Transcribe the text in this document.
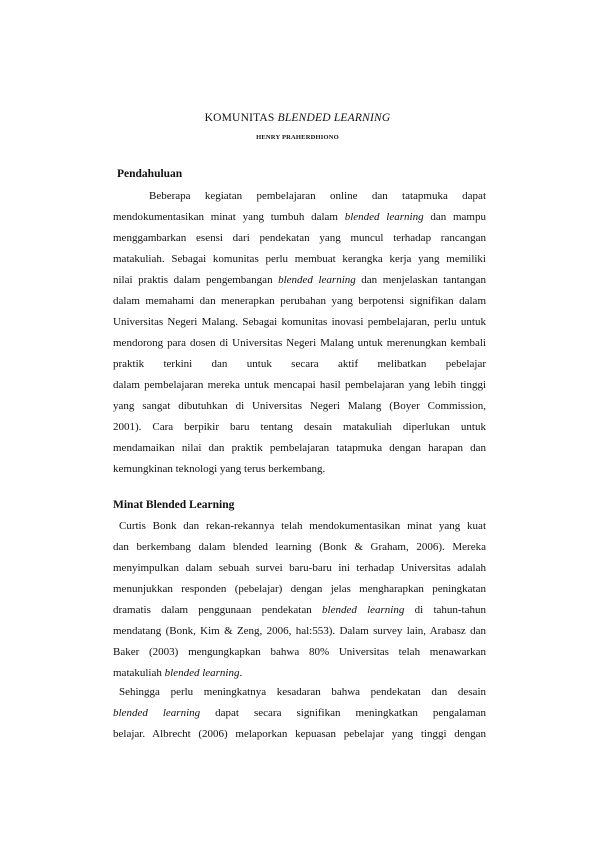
KOMUNITAS BLENDED LEARNING
HENRY PRAHERDHIONO
Pendahuluan
Beberapa kegiatan pembelajaran online dan tatapmuka dapat
mendokumentasikan minat yang tumbuh dalam blended learning dan mampu
menggambarkan esensi dari pendekatan yang muncul terhadap rancangan
matakuliah. Sebagai komunitas perlu membuat kerangka kerja yang memiliki
nilai praktis dalam pengembangan blended learning dan menjelaskan tantangan
dalam memahami dan menerapkan perubahan yang berpotensi signifikan dalam
Universitas Negeri Malang. Sebagai komunitas inovasi pembelajaran, perlu untuk
mendorong para dosen di Universitas Negeri Malang untuk merenungkan kembali
praktik terkini dan untuk secara aktif melibatkan pebelajar
dalam pembelajaran mereka untuk mencapai hasil pembelajaran yang lebih tinggi
yang sangat dibutuhkan di Universitas Negeri Malang (Boyer Commission,
2001). Cara berpikir baru tentang desain matakuliah diperlukan untuk
mendamaikan nilai dan praktik pembelajaran tatapmuka dengan harapan dan
kemungkinan teknologi yang terus berkembang.
Minat Blended Learning
Curtis Bonk dan rekan-rekannya telah mendokumentasikan minat yang kuat
dan berkembang dalam blended learning (Bonk & Graham, 2006). Mereka
menyimpulkan dalam sebuah survei baru-baru ini terhadap Universitas adalah
menunjukkan responden (pebelajar) dengan jelas mengharapkan peningkatan
dramatis dalam penggunaan pendekatan blended learning di tahun-tahun
mendatang (Bonk, Kim & Zeng, 2006, hal:553). Dalam survey lain, Arabasz dan
Baker (2003) mengungkapkan bahwa 80% Universitas telah menawarkan
matakuliah blended learning.
Sehingga perlu meningkatnya kesadaran bahwa pendekatan dan desain
blended learning dapat secara signifikan meningkatkan pengalaman
belajar. Albrecht (2006) melaporkan kepuasan pebelajar yang tinggi dengan
